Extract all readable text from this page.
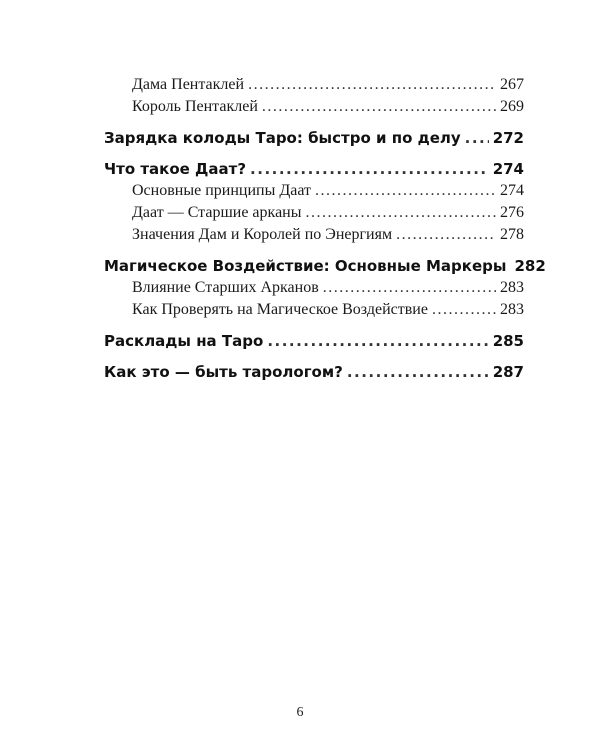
Дама Пентаклей .....	267
Король Пентаклей .....	269
Зарядка колоды Таро: быстро и по делу ..... 272
Что такое Даат? .....	274
Основные принципы Даат .....	274
Даат — Старшие арканы .....	276
Значения Дам и Королей по Энергиям .....	278
Магическое Воздействие: Основные Маркеры 282
Влияние Старших Арканов .....	283
Как Проверять на Магическое Воздействие .....	283
Расклады на Таро .....	285
Как это — быть тарологом? .....	287
6
